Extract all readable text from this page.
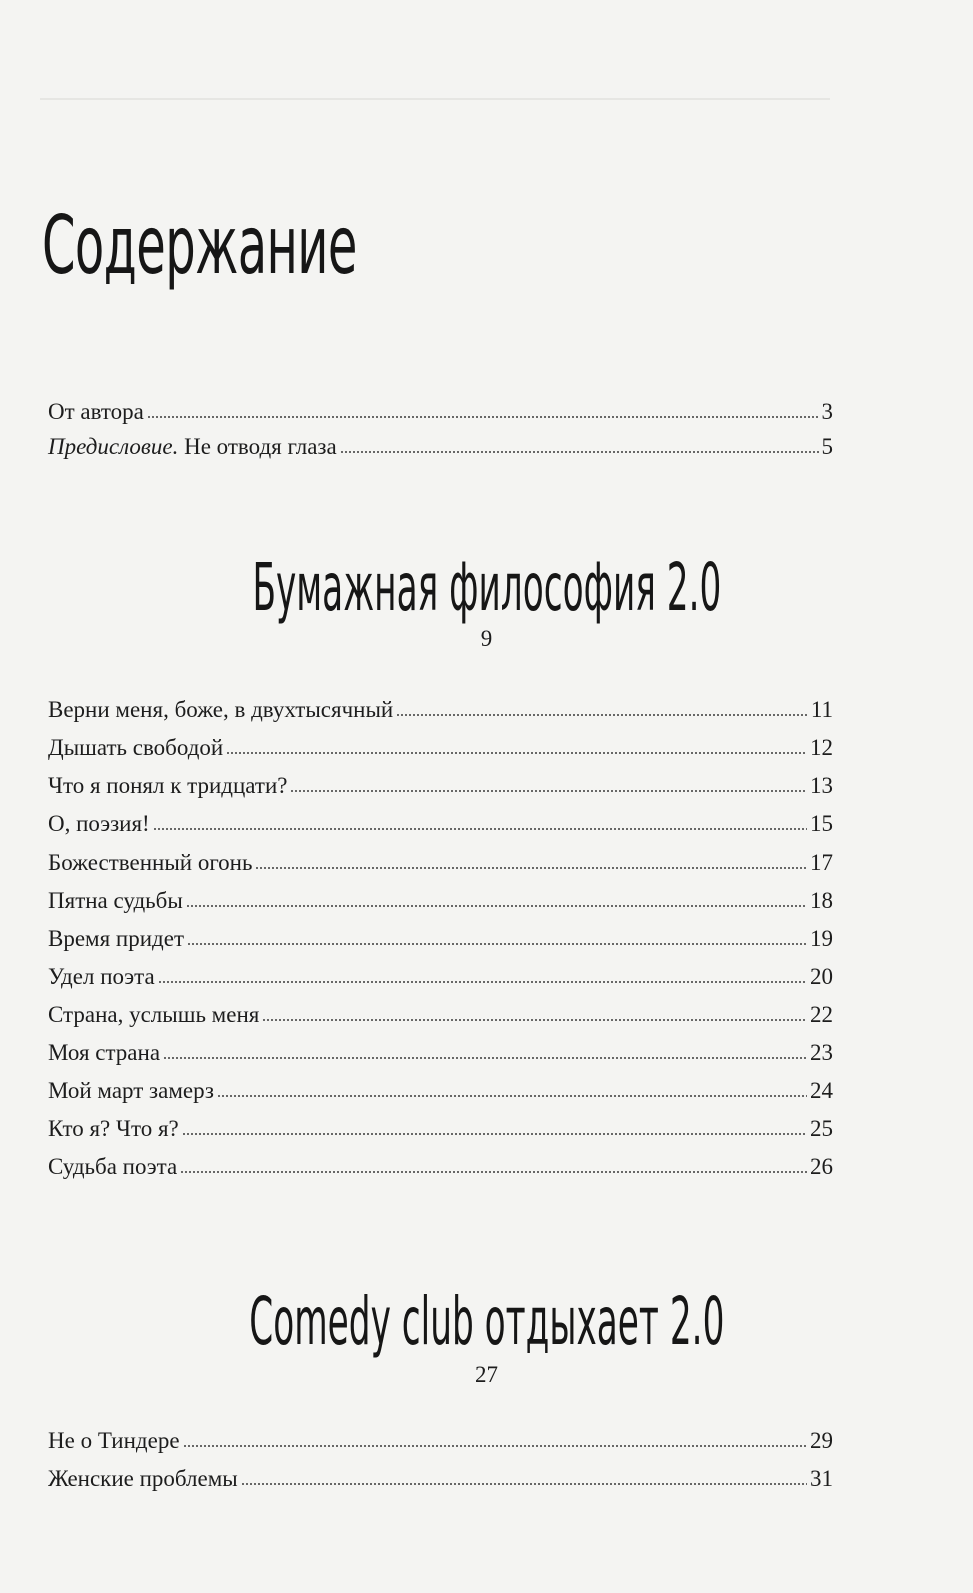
Содержание
От автора	3
Предисловие. Не отводя глаза	5
Бумажная философия 2.0
9
Верни меня, боже, в двухтысячный	11
Дышать свободой	12
Что я понял к тридцати?	13
О, поэзия!	15
Божественный огонь	17
Пятна судьбы	18
Время придет	19
Удел поэта	20
Страна, услышь меня	22
Моя страна	23
Мой март замерз	24
Кто я? Что я?	25
Судьба поэта	26
Comedy club отдыхает 2.0
27
Не о Тиндере	29
Женские проблемы	31
